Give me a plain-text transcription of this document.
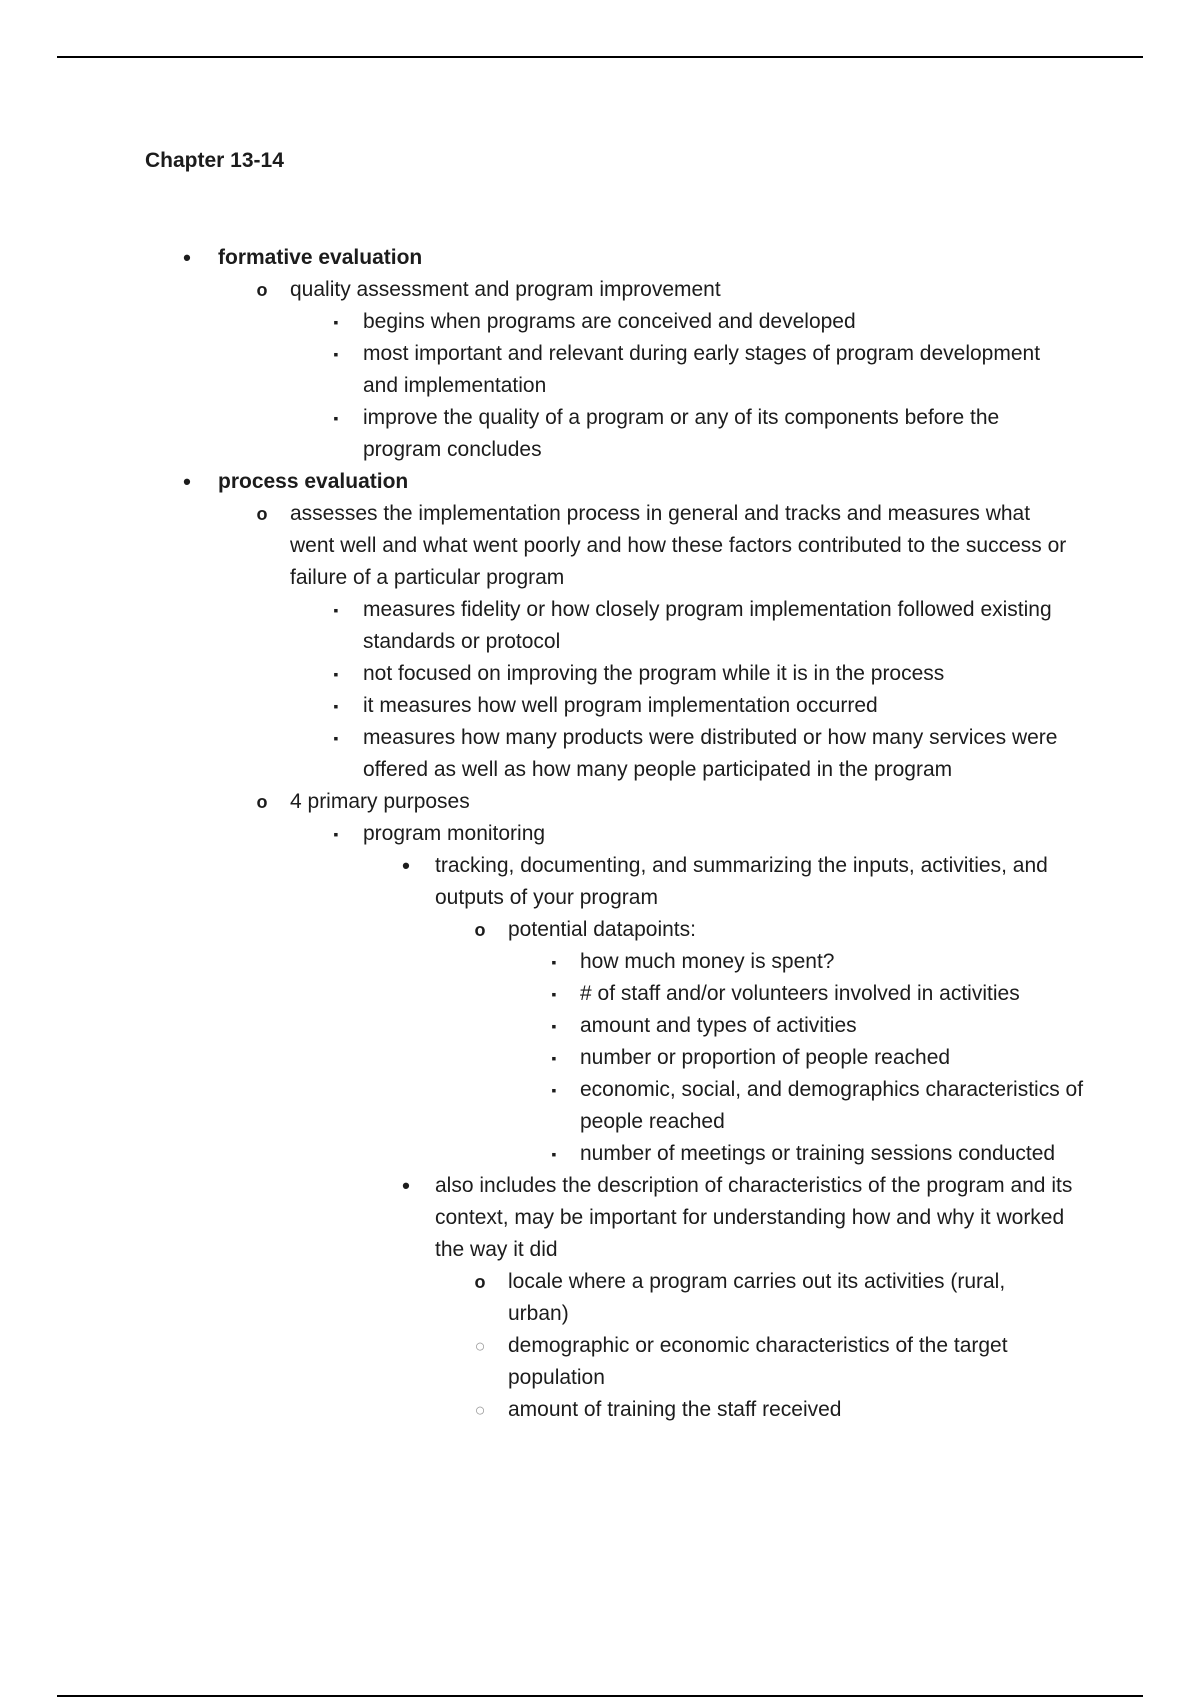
Chapter 13-14
• formative evaluation
o quality assessment and program improvement
▪	begins when programs are conceived and developed
▪	most important and relevant during early stages of program development and implementation
▪	improve the quality of a program or any of its components before the program concludes
• process evaluation
o assesses the implementation process in general and tracks and measures what went well and what went poorly and how these factors contributed to the success or failure of a particular program
▪	measures fidelity or how closely program implementation followed existing standards or protocol
▪	not focused on improving the program while it is in the process
▪	it measures how well program implementation occurred
▪	measures how many products were distributed or how many services were offered as well as how many people participated in the program
o 4 primary purposes
▪	program monitoring
• tracking, documenting, and summarizing the inputs, activities, and outputs of your program
o potential datapoints:
▪	how much money is spent?
▪	# of staff and/or volunteers involved in activities
▪	amount and types of activities
▪	number or proportion of people reached
▪	economic, social, and demographics characteristics of people reached
▪	number of meetings or training sessions conducted
• also includes the description of characteristics of the program and its context, may be important for understanding how and why it worked the way it did
o locale where a program carries out its activities (rural, urban)
○ demographic or economic characteristics of the target population
○ amount of training the staff received
